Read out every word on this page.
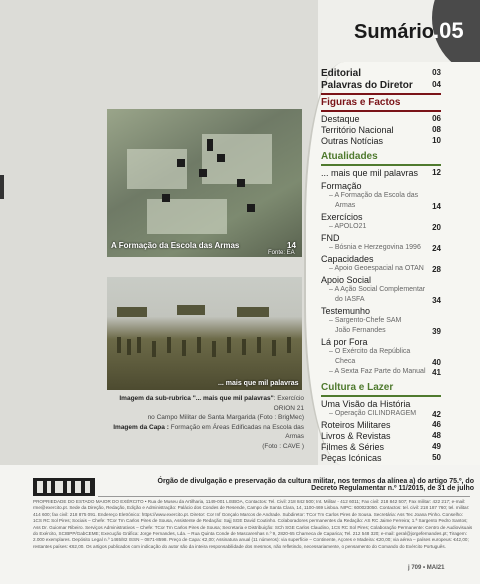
Sumário
.05
A Formação da Escola das Armas	14
Fonte: EA
... mais que mil palavras
Imagem da sub-rubrica "... mais que mil palavras": Exercício ORION 21
no Campo Militar de Santa Margarida (Foto : BrigMec)
Imagem da Capa : Formação em Áreas Edificadas na Escola das Armas
(Foto : CAVE )
Editorial	03
Palavras do Diretor 04
Figuras e Factos
Destaque	06
Território Nacional	08
Outras Notícias	10
Atualidades
... mais que mil palavras 12
Formação
– A Formação da Escola das
Armas	14
Exercícios
– APOLO21	20
FND
– Bósnia e Herzegovina 1996 24
Capacidades
– Apoio Geoespacial na OTAN 28
Apoio Social
– A Ação Social Complementar
do IASFA	34
Testemunho
– Sargento-Chefe SAM
João Fernandes	39
Lá por Fora
– O Exército da República
Checa	40
– A Sexta Faz Parte do Manual 41
Cultura e Lazer
Uma Visão da História
– Operação CILINDRAGEM 42
Roteiros Militares	46
Livros & Revistas	48
Filmes & Séries	49
Peças Icónicas	50
Órgão de divulgação e preservação da cultura militar, nos termos da alínea a) do artigo 75.º, do Decreto Regulamentar n.º 11/2015, de 31 de julho
PROPRIEDADE DO ESTADO MAIOR DO EXÉRCITO • Rua de Museu da Artilharia, 1149-001 LISBOA, Contactos: Tel. Civil: 218 842 500; Int. Militar - 412 6011; Fax civil: 218 842 507; Fax militar: 422 217; e-mail: rme@exercito.pt. Sede da Direção, Redação, Edição e Administração: Palácio dos Condes de Resende, Campo de Santa Clara, 14, 1100-469 Lisboa. NIPC: 600023050. Contactos: tel. civil: 218 187 760; tel. militar: 414 600; fax civil: 218 875 091. Endereço Eletrónico: https://www.exercito.pt. Diretor: Cor Inf Gonçalo Marcos de Andrade. Subdiretor: TCor Tm Carlos Pires de Sousa. Secretária: Ass Tec Joana Pinho. Conselho: 1CS RC Sol Pires; Sociais – Chefe: TCor Tm Carlos Pires de Sousa, Assistente de Redação: Sajj SGE David Coutinho. Colaboradores permanentes da Redação: AS RC Jaime Ferreira; 1.ª Sargento Pedro Santos; Ass Dr. Guiomar Ribeiro. Serviços Administrativos – Chefe: TCor Tm Carlos Pires de Sousa; Secretaria e Distribuição: SCh SGE Carlos Claudino, 1CS RC Sol Pires; Colaboração Permanente: Centro de Audiovisuais do Exército, SCIBPP/GabCEME; Execução Gráfica: Jorge Fernandes, Lda. – Rua Quinta Conde de Mascarenhas n.º 9, 2820-65 Charneca de Caparica; Tel. 212 548 320; e-mail: geral@jorgefernandes.pt; Tiragem: 2.000 exemplares. Depósito Legal n.º 1465/82 ISSN – 0871-8598. Preço de Capa: €2,00; Assinatura anual (11 números): via superfície – Continente, Açores e Madeira: €20,00; via aérea – países europeus: €42,00; restantes países: €62,00. Os artigos publicados com indicação do autor são da inteira responsabilidade dos mesmos, não refletindo, necessariamente, o pensamento do Comando do Exército Português.
j 709 • MAI21
